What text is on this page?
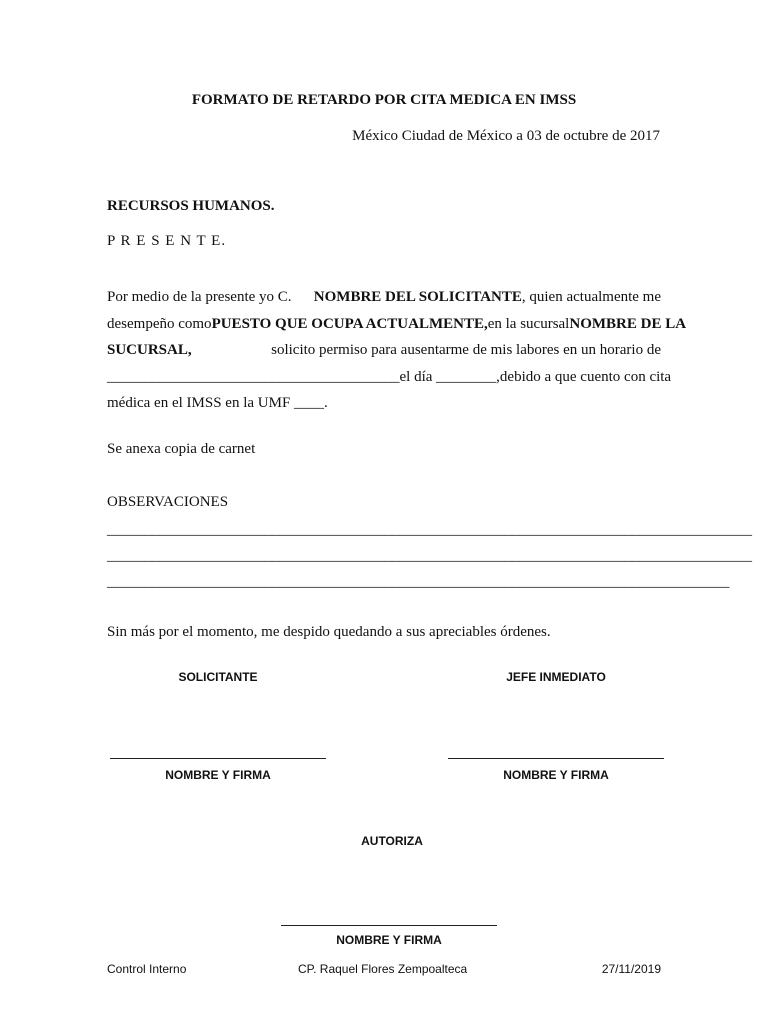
FORMATO DE RETARDO POR CITA MEDICA EN IMSS
México Ciudad de México a 03 de octubre de 2017
RECURSOS HUMANOS.
P R E S E N T E.
Por medio de la presente yo C. NOMBRE DEL SOLICITANTE, quien actualmente me
desempeño como PUESTO QUE OCUPA ACTUALMENTE, en la sucursal NOMBRE DE LA
SUCURSAL,	solicito permiso para ausentarme de mis labores en un horario de
_______________________________________ el día ________, debido a que cuento con cita
médica en el IMSS en la UMF ____.
Se anexa copia de carnet
OBSERVACIONES
______________________________________________________________________________________
______________________________________________________________________________________
___________________________________________________________________________________
Sin más por el momento, me despido quedando a sus apreciables órdenes.
SOLICITANTE	JEFE INMEDIATO
NOMBRE Y FIRMA	NOMBRE Y FIRMA
AUTORIZA
NOMBRE Y FIRMA
Control Interno	CP. Raquel Flores Zempoalteca	27/11/2019
